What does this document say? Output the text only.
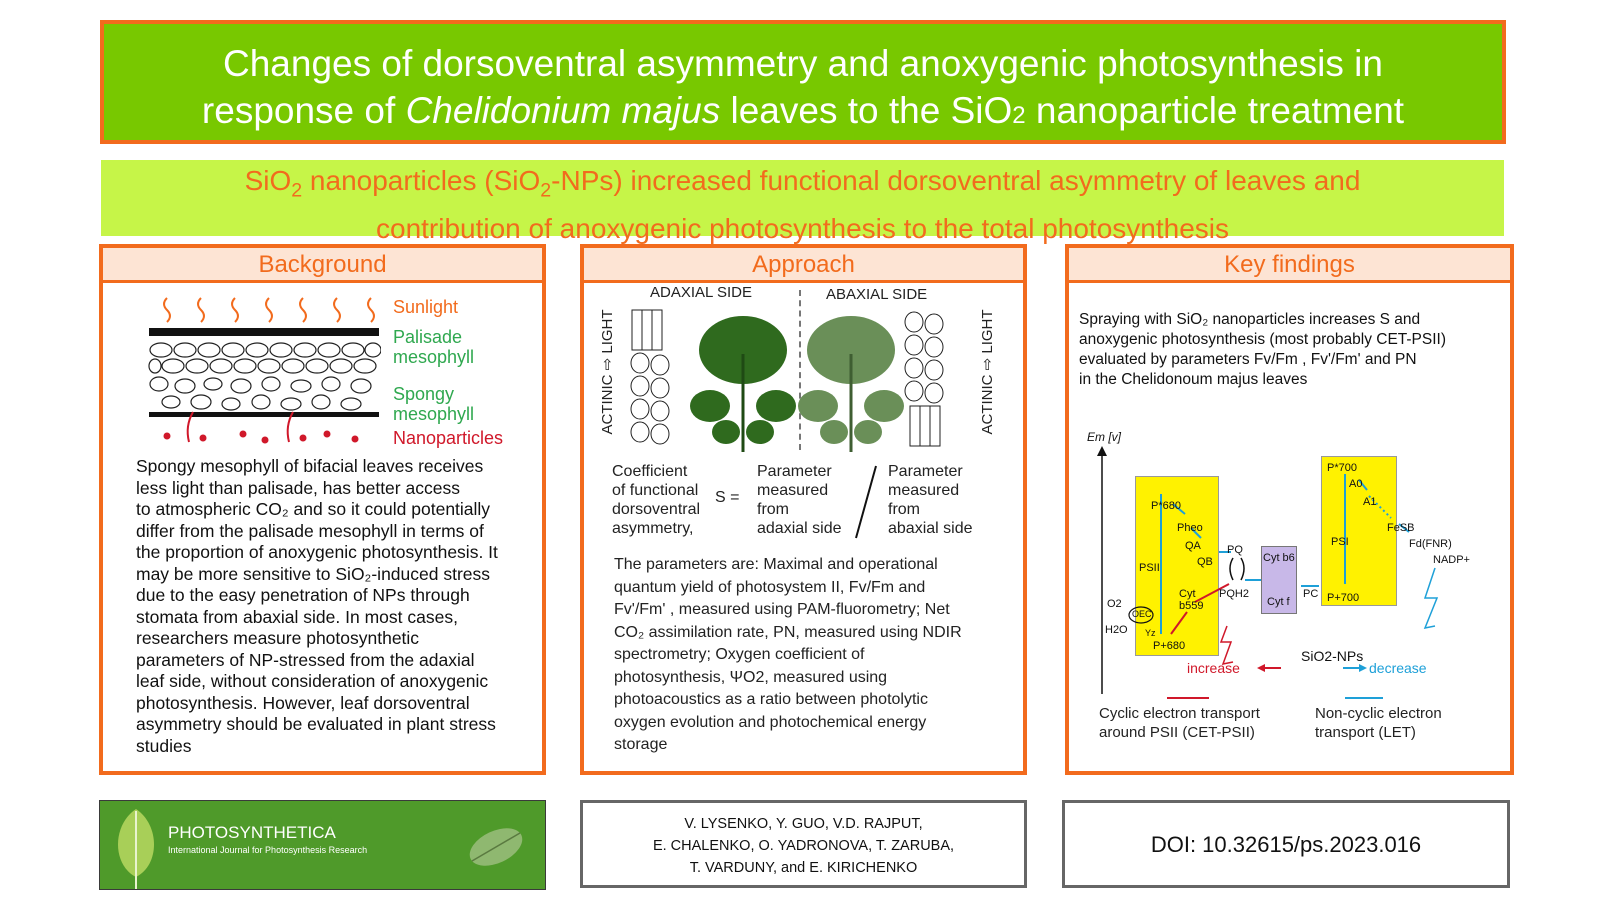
Changes of dorsoventral asymmetry and anoxygenic photosynthesis in
response of Chelidonium majus leaves to the SiO2 nanoparticle treatment
SiO$_2$ nanoparticles (SiO$_2$-NPs) increased functional dorsoventral asymmetry of leaves and
contribution of anoxygenic photosynthesis to the total photosynthesis
Background
Sunlight
Palisade
mesophyll
Spongy
mesophyll
Nanoparticles
Spongy mesophyll of bifacial leaves receives
less light than palisade, has better access
to atmospheric CO₂ and so it could potentially
differ from the palisade mesophyll in terms of
the proportion of anoxygenic photosynthesis. It
may be more sensitive to SiO₂-induced stress
due to the easy penetration of NPs through
stomata from abaxial side. In most cases,
researchers measure photosynthetic
parameters of NP-stressed from the adaxial
leaf side, without consideration of anoxygenic
photosynthesis. However, leaf dorsoventral
asymmetry should be evaluated in plant stress
studies
Approach
ADAXIAL SIDE	ABAXIAL SIDE
ACTINIC ⇨ LIGHT
ACTINIC ⇨ LIGHT
Coefficient
of functional
dorsoventral
asymmetry,
S =
Parameter
measured
from
adaxial side
Parameter
measured
from
abaxial side
The parameters are: Maximal and operational
quantum yield of photosystem II, Fv/Fm and
Fv'/Fm' , measured using PAM-fluorometry; Net
CO₂ assimilation rate, PN, measured using NDIR
spectrometry; Oxygen coefficient of
photosynthesis, ΨO2, measured using
photoacoustics as a ratio between photolytic
oxygen evolution and photochemical energy
storage
Key findings
Spraying with SiO₂ nanoparticles increases S and
anoxygenic photosynthesis (most probably CET-PSII)
evaluated by parameters Fv/Fm , Fv'/Fm' and PN
in the Chelidonoum majus leaves
Em [v]
P*680
Pheo
QA
QB
PSII
Cyt
b559
OEC
O2
H2O Yz
P+680
PQ
PQH2
Cyt b6
Cyt f
PC
P*700
A0
A1
FeSB
PSI
P+700
Fd(FNR)
NADP+
SiO2-NPs
increase	decrease
Cyclic electron transport
around PSII (CET-PSII)
Non-cyclic electron
transport (LET)
PHOTOSYNTHETICA
International Journal for Photosynthesis Research
V. LYSENKO, Y. GUO, V.D. RAJPUT,
E. CHALENKO, O. YADRONOVA, T. ZARUBA,
T. VARDUNY, and E. KIRICHENKO
DOI: 10.32615/ps.2023.016
